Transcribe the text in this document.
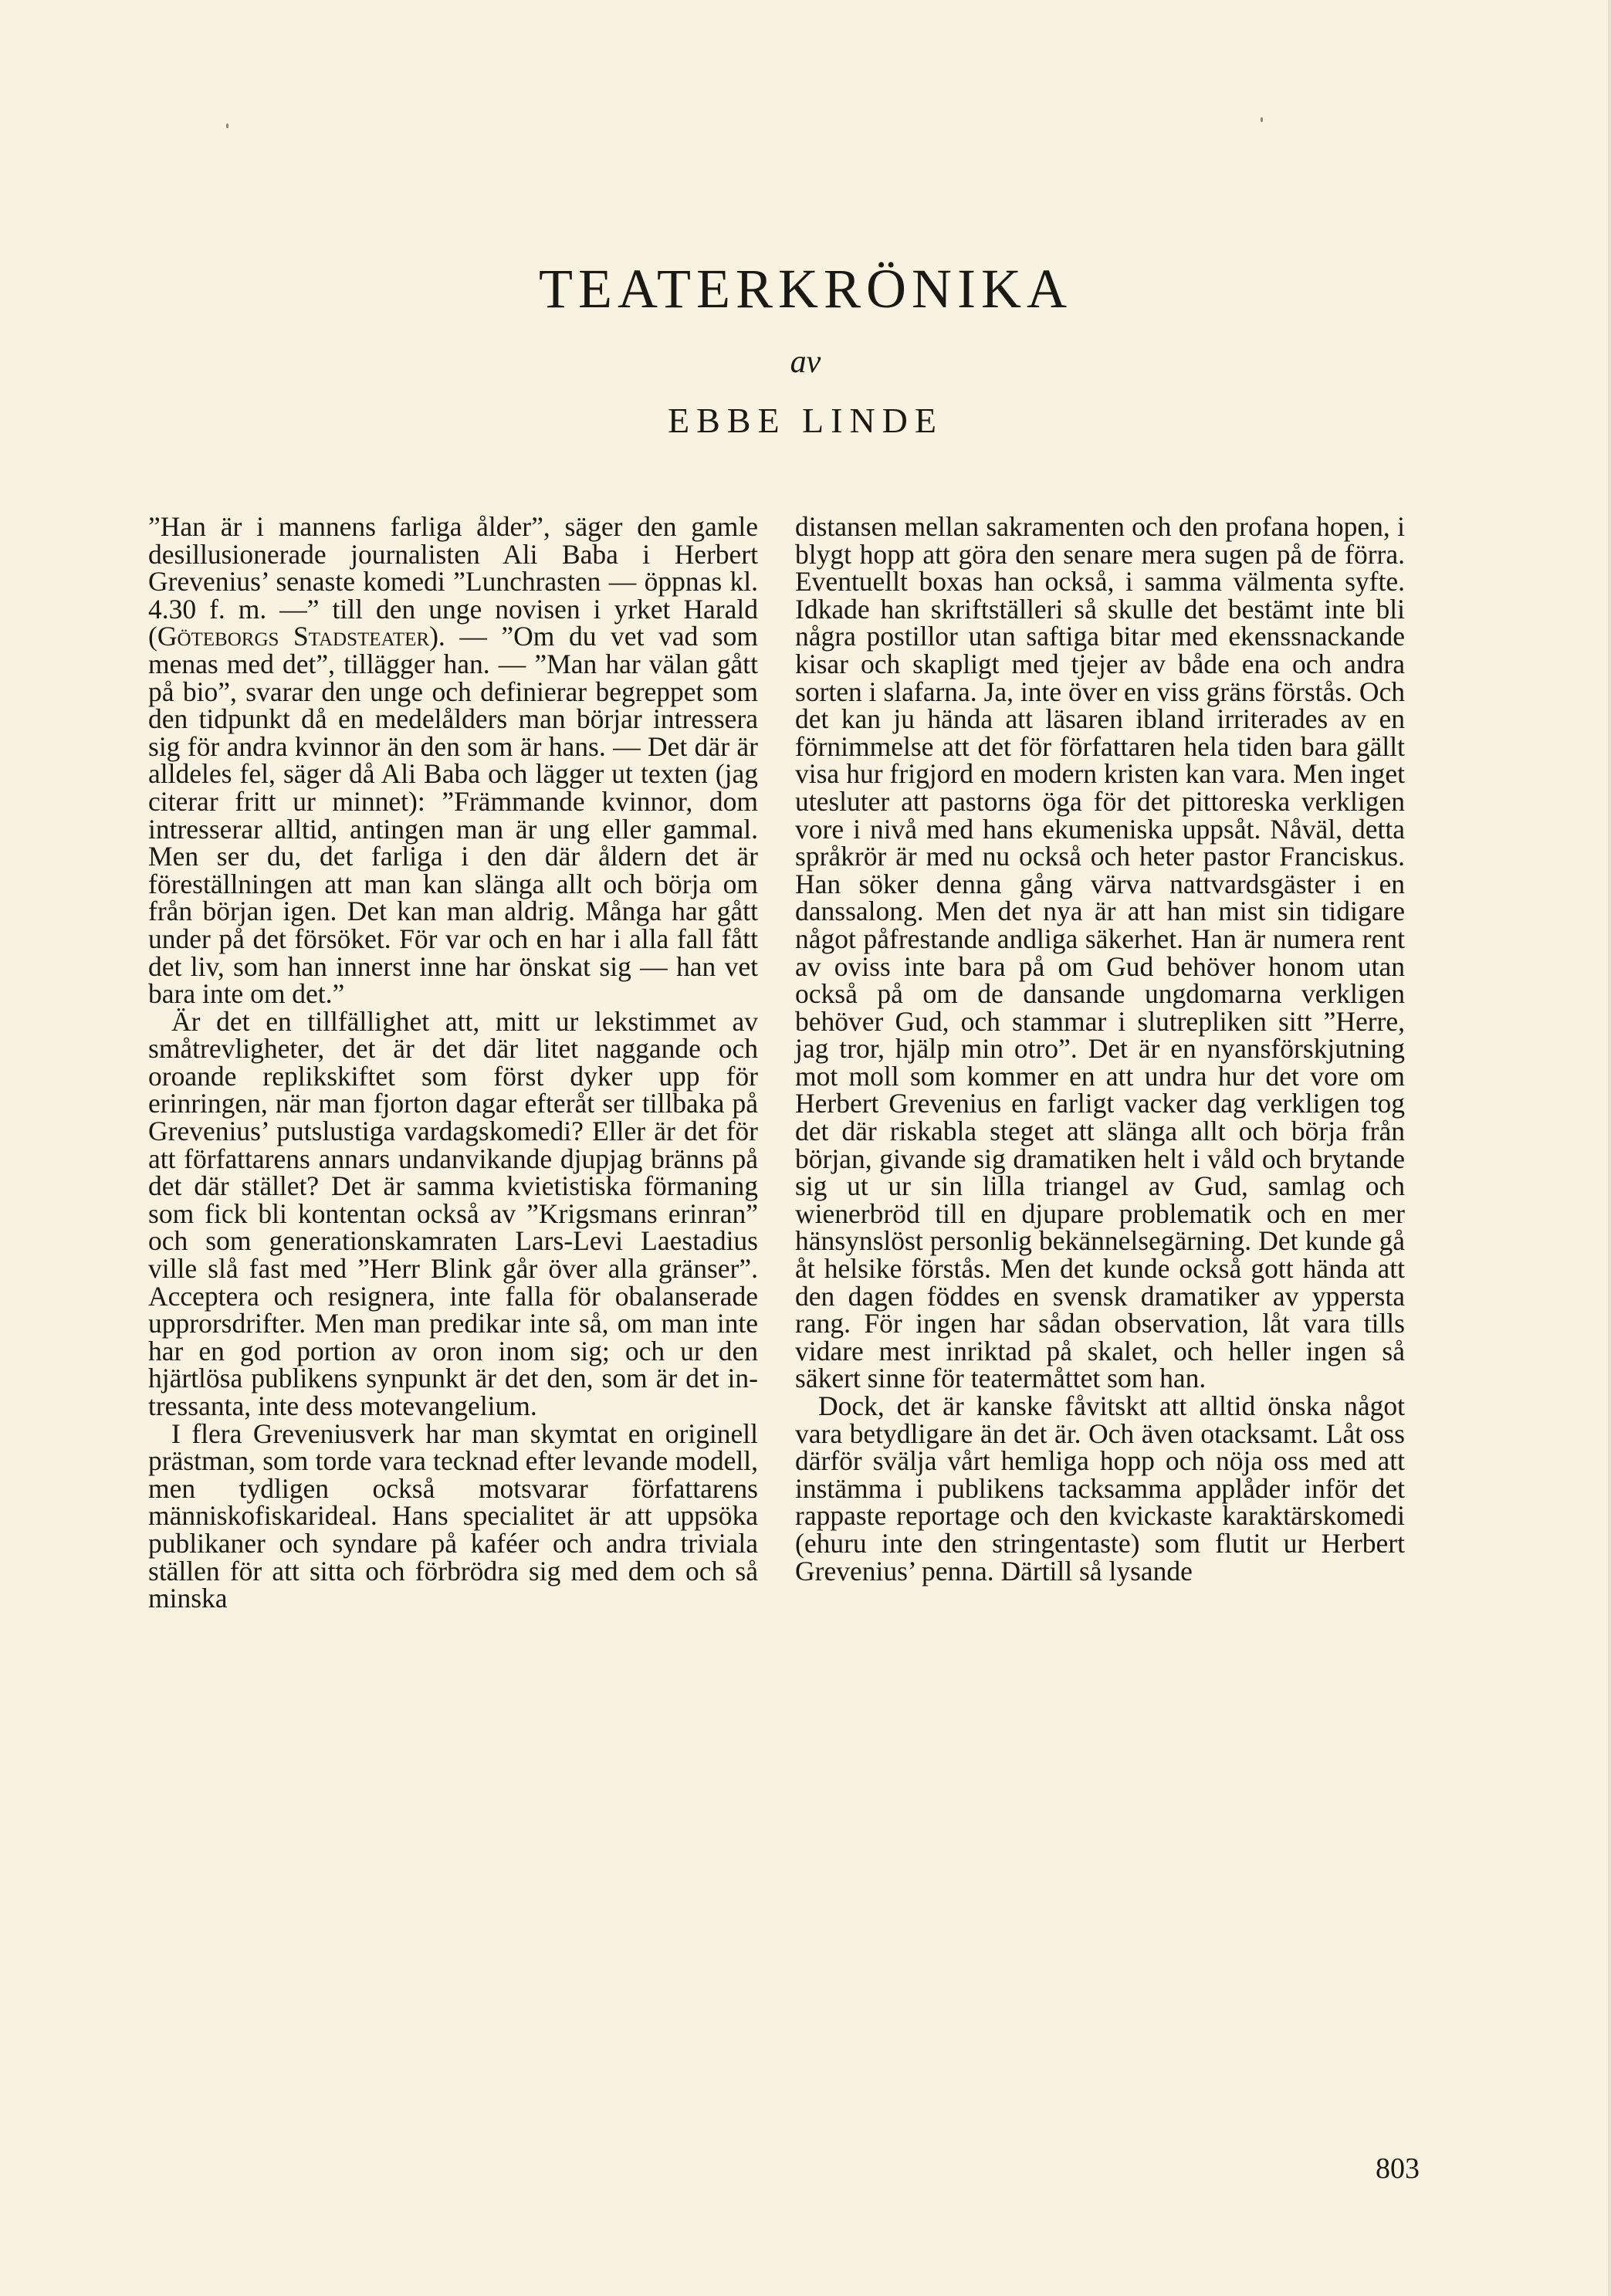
TEATERKRÖNIKA
av
EBBE LINDE

”Han är i mannens farliga ålder”, säger den gamle desillusionerade journalisten Ali Baba i Herbert Grevenius’ senaste komedi ”Lunchrasten — öppnas kl. 4.30 f. m. —” till den unge novisen i yrket Harald (Göteborgs Stadsteater). — ”Om du vet vad som menas med det”, tillägger han. — ”Man har välan gått på bio”, svarar den unge och definierar begreppet som den tidpunkt då en medelålders man börjar intressera sig för andra kvinnor än den som är hans. — Det där är alldeles fel, säger då Ali Baba och lägger ut texten (jag citerar fritt ur minnet): ”Främmande kvinnor, dom intresserar alltid, antingen man är ung eller gammal. Men ser du, det farliga i den där åldern det är föreställningen att man kan slänga allt och börja om från början igen. Det kan man aldrig. Många har gått under på det försöket. För var och en har i alla fall fått det liv, som han innerst inne har önskat sig — han vet bara inte om det.”

Är det en tillfällighet att, mitt ur lekstimmet av småtrevligheter, det är det där litet naggande och oroande replikskiftet som först dyker upp för erinringen, när man fjorton dagar efteråt ser tillbaka på Grevenius’ putslustiga vardagskomedi? Eller är det för att författarens annars undanvikande djupjag bränns på det där stället? Det är samma kvietistiska förmaning som fick bli kontentan också av ”Krigsmans erinran” och som generationskamraten Lars-Levi Laestadius ville slå fast med ”Herr Blink går över alla gränser”. Acceptera och resignera, inte falla för obalanserade upprorsdrifter. Men man predikar inte så, om man inte har en god portion av oron inom sig; och ur den hjärtlösa publikens synpunkt är det den, som är det intressanta, inte dess motevangelium.

I flera Greveniusverk har man skymtat en originell prästman, som torde vara tecknad efter levande modell, men tydligen också motsvarar författarens människofiskarideal. Hans specialitet är att uppsöka publikaner och syndare på kaféer och andra triviala ställen för att sitta och förbrödra sig med dem och så minska

distansen mellan sakramenten och den profana hopen, i blygt hopp att göra den senare mera sugen på de förra. Eventuellt boxas han också, i samma välmenta syfte. Idkade han skriftställeri så skulle det bestämt inte bli några postillor utan saftiga bitar med ekenssnackande kisar och skapligt med tjejer av både ena och andra sorten i slafarna. Ja, inte över en viss gräns förstås. Och det kan ju hända att läsaren ibland irriterades av en förnimmelse att det för författaren hela tiden bara gällt visa hur frigjord en modern kristen kan vara. Men inget utesluter att pastorns öga för det pittoreska verkligen vore i nivå med hans ekumeniska uppsåt. Nåväl, detta språkrör är med nu också och heter pastor Franciskus. Han söker denna gång värva nattvardsgäster i en danssalong. Men det nya är att han mist sin tidigare något påfrestande andliga säkerhet. Han är numera rent av oviss inte bara på om Gud behöver honom utan också på om de dansande ungdomarna verkligen behöver Gud, och stammar i slutrepliken sitt ”Herre, jag tror, hjälp min otro”. Det är en nyansförskjutning mot moll som kommer en att undra hur det vore om Herbert Grevenius en farligt vacker dag verkligen tog det där riskabla steget att slänga allt och börja från början, givande sig dramatiken helt i våld och brytande sig ut ur sin lilla triangel av Gud, samlag och wienerbröd till en djupare problematik och en mer hänsynslöst personlig bekännelsegärning. Det kunde gå åt helsike förstås. Men det kunde också gott hända att den dagen föddes en svensk dramatiker av yppersta rang. För ingen har sådan observation, låt vara tills vidare mest inriktad på skalet, och heller ingen så säkert sinne för teatermåttet som han.

Dock, det är kanske fåvitskt att alltid önska något vara betydligare än det är. Och även otacksamt. Låt oss därför svälja vårt hemliga hopp och nöja oss med att instämma i publikens tacksamma applåder inför det rappaste reportage och den kvickaste karaktärskomedi (ehuru inte den stringentaste) som flutit ur Herbert Grevenius’ penna. Därtill så lysande

803
